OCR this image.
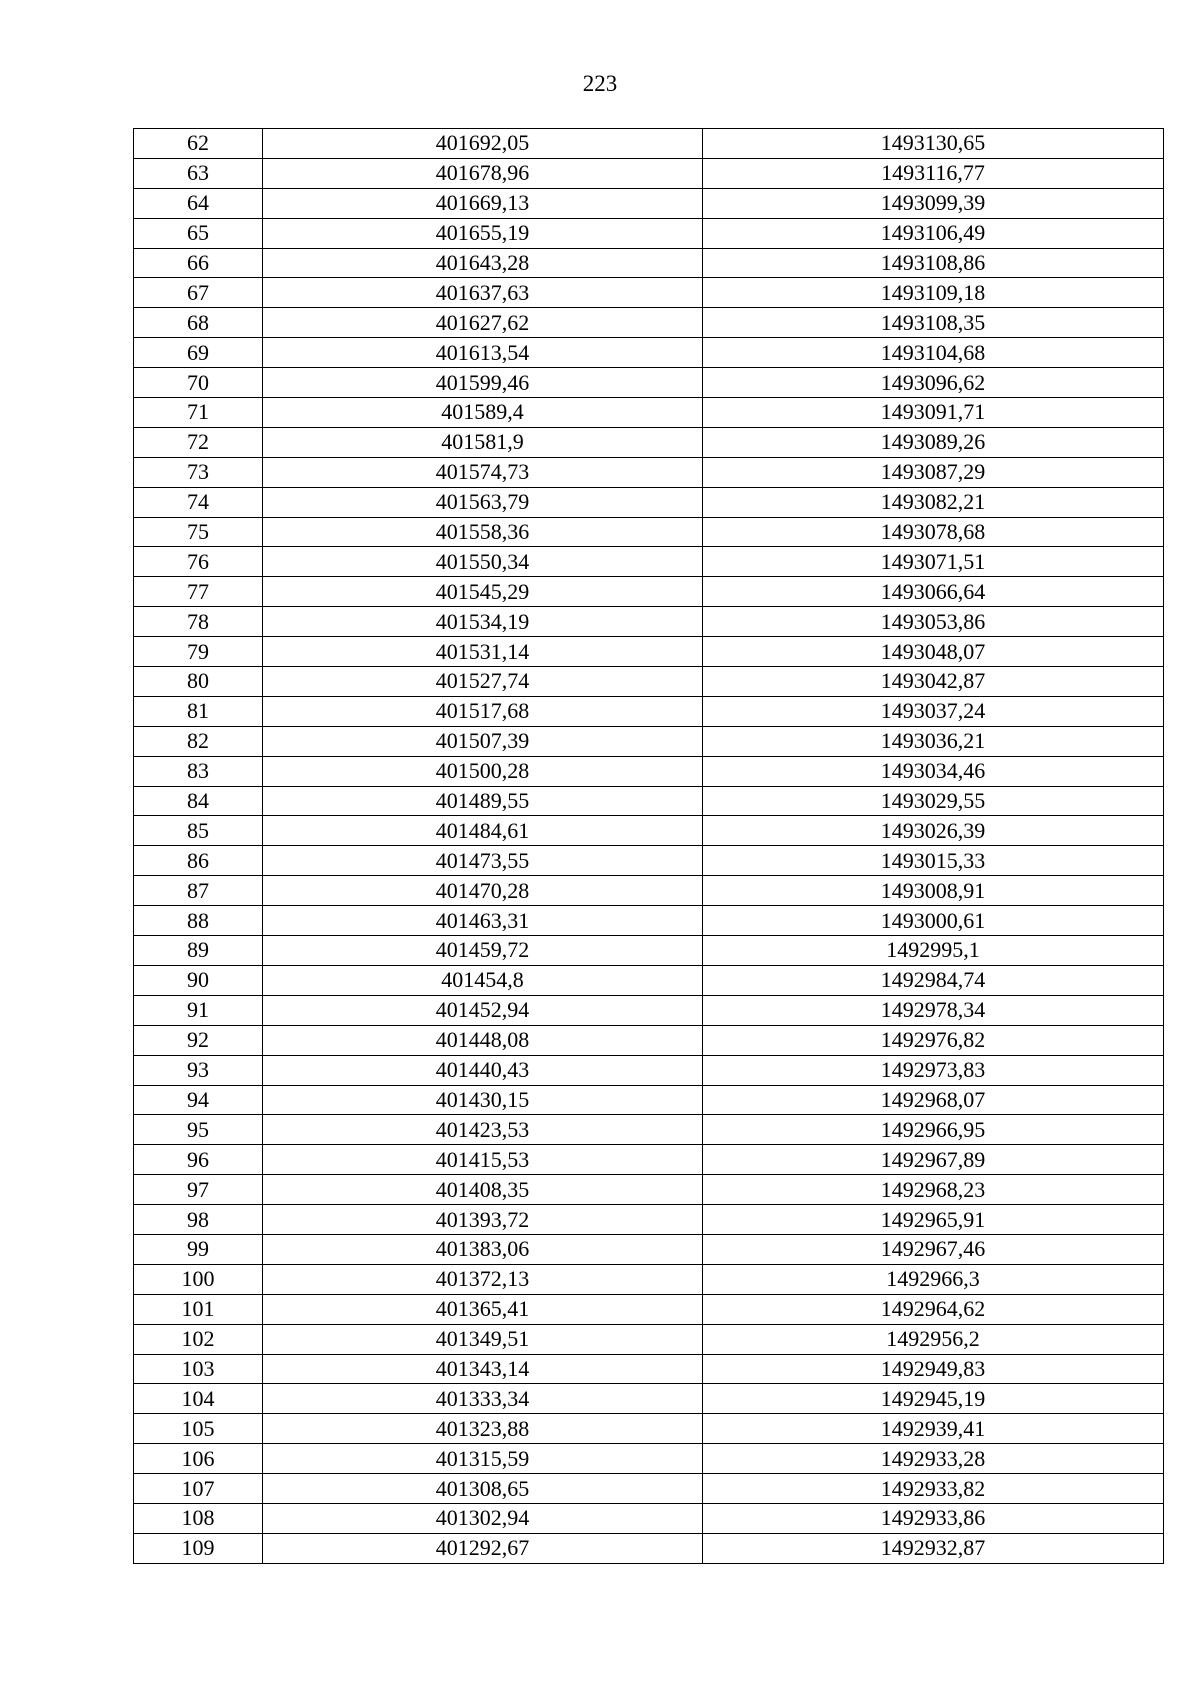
223
62	401692,05	1493130,65
63	401678,96	1493116,77
64	401669,13	1493099,39
65	401655,19	1493106,49
66	401643,28	1493108,86
67	401637,63	1493109,18
68	401627,62	1493108,35
69	401613,54	1493104,68
70	401599,46	1493096,62
71	401589,4	1493091,71
72	401581,9	1493089,26
73	401574,73	1493087,29
74	401563,79	1493082,21
75	401558,36	1493078,68
76	401550,34	1493071,51
77	401545,29	1493066,64
78	401534,19	1493053,86
79	401531,14	1493048,07
80	401527,74	1493042,87
81	401517,68	1493037,24
82	401507,39	1493036,21
83	401500,28	1493034,46
84	401489,55	1493029,55
85	401484,61	1493026,39
86	401473,55	1493015,33
87	401470,28	1493008,91
88	401463,31	1493000,61
89	401459,72	1492995,1
90	401454,8	1492984,74
91	401452,94	1492978,34
92	401448,08	1492976,82
93	401440,43	1492973,83
94	401430,15	1492968,07
95	401423,53	1492966,95
96	401415,53	1492967,89
97	401408,35	1492968,23
98	401393,72	1492965,91
99	401383,06	1492967,46
100	401372,13	1492966,3
101	401365,41	1492964,62
102	401349,51	1492956,2
103	401343,14	1492949,83
104	401333,34	1492945,19
105	401323,88	1492939,41
106	401315,59	1492933,28
107	401308,65	1492933,82
108	401302,94	1492933,86
109	401292,67	1492932,87
